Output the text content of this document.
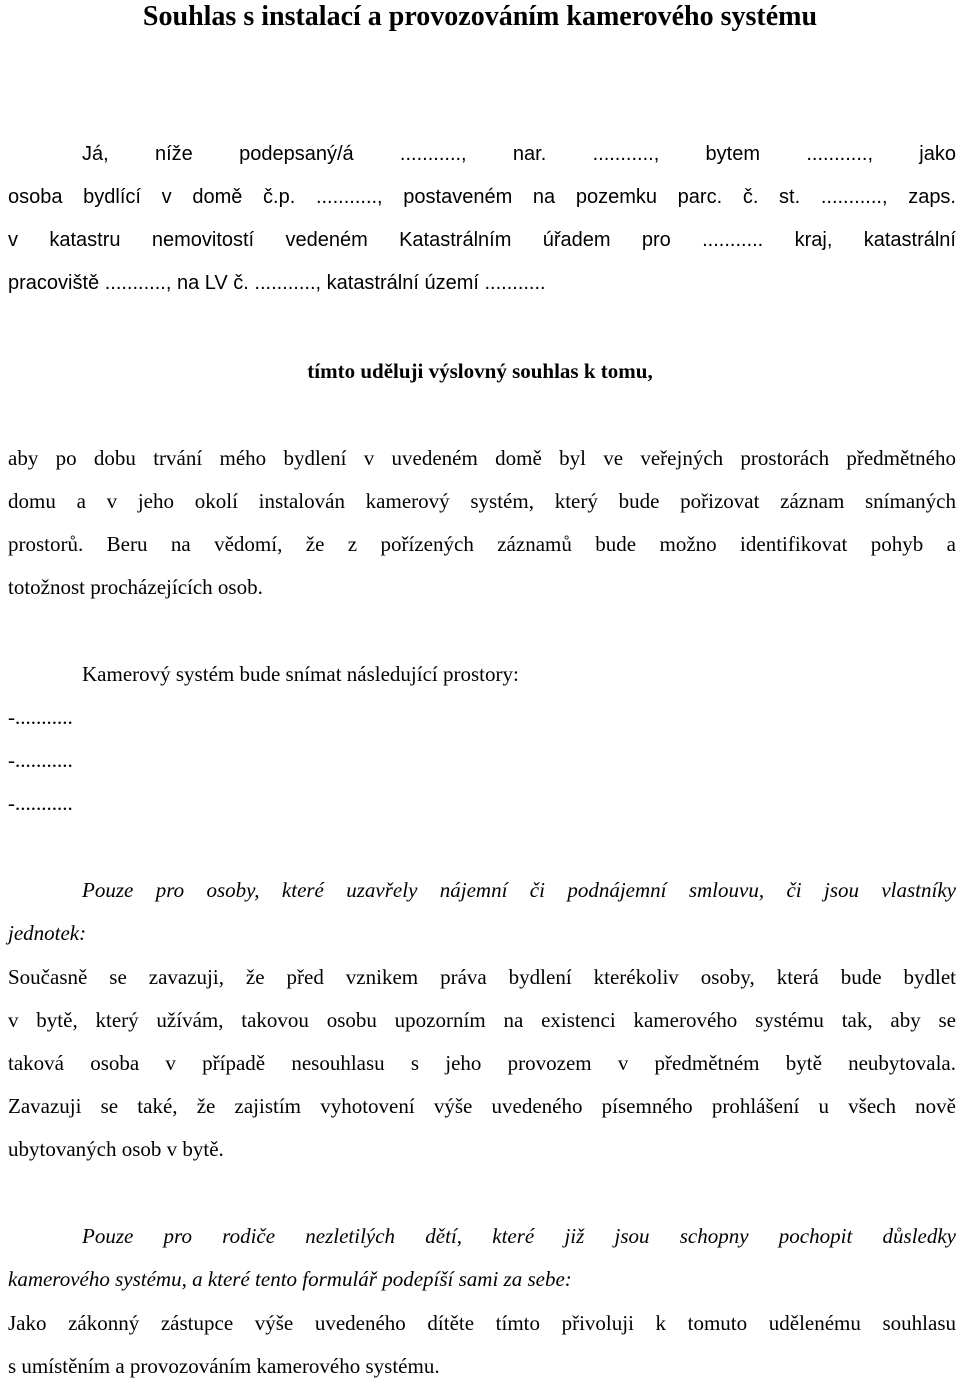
Souhlas s instalací a provozováním kamerového systému
Já, níže podepsaný/á ..........., nar. ..........., bytem ..........., jako
osoba bydlící v domě č.p. ..........., postaveném na pozemku parc. č. st. ..........., zaps.
v katastru nemovitostí vedeném Katastrálním úřadem pro ........... kraj, katastrální
pracoviště ..........., na LV č. ..........., katastrální území ...........
tímto uděluji výslovný souhlas k tomu,
aby po dobu trvání mého bydlení v uvedeném domě byl ve veřejných prostorách předmětného
domu a v jeho okolí instalován kamerový systém, který bude pořizovat záznam snímaných
prostorů. Beru na vědomí, že z pořízených záznamů bude možno identifikovat pohyb a
totožnost procházejících osob.
Kamerový systém bude snímat následující prostory:
-...........
-...........
-...........
Pouze pro osoby, které uzavřely nájemní či podnájemní smlouvu, či jsou vlastníky
jednotek:
Současně se zavazuji, že před vznikem práva bydlení kterékoliv osoby, která bude bydlet
v bytě, který užívám, takovou osobu upozorním na existenci kamerového systému tak, aby se
taková osoba v případě nesouhlasu s jeho provozem v předmětném bytě neubytovala.
Zavazuji se také, že zajistím vyhotovení výše uvedeného písemného prohlášení u všech nově
ubytovaných osob v bytě.
Pouze pro rodiče nezletilých dětí, které již jsou schopny pochopit důsledky
kamerového systému, a které tento formulář podepíší sami za sebe:
Jako zákonný zástupce výše uvedeného dítěte tímto přivoluji k tomuto udělenému souhlasu
s umístěním a provozováním kamerového systému.
